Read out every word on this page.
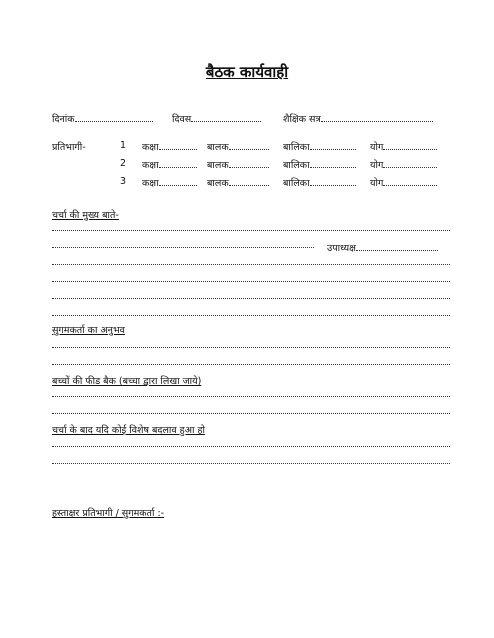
बैठक कार्यवाही
दिनांक	दिवस	शैक्षिक सत्र
प्रतिभागी-	1 कक्षा	बालक	बालिका	योग
2 कक्षा	बालक	बालिका	योग
3 कक्षा	बालक	बालिका	योग
चर्चा की मुख्य बाते-
उपाध्यक्ष
सुगमकर्ता का अनुभव
बच्चों की फीड बैक (बच्चा द्वारा लिखा जाये)
चर्चा के बाद यदि कोई विशेष बदलाव हुआ हो
हस्ताक्षर प्रतिभागी / सुगमकर्ता :-
